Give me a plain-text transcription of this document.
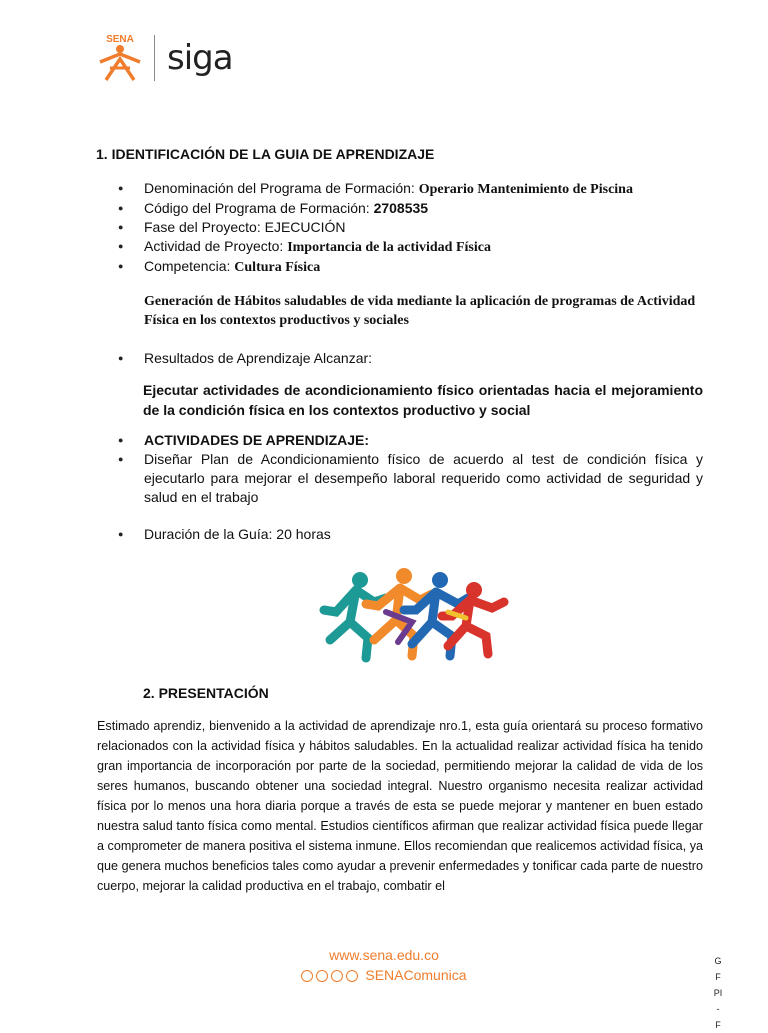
SENA siga
1. IDENTIFICACIÓN DE LA GUIA DE APRENDIZAJE
● Denominación del Programa de Formación: Operario Mantenimiento de Piscina
● Código del Programa de Formación: 2708535
● Fase del Proyecto: EJECUCIÓN
● Actividad de Proyecto: Importancia de la actividad Física
● Competencia: Cultura Física
Generación de Hábitos saludables de vida mediante la aplicación de programas de Actividad Física en los contextos productivos y sociales
● Resultados de Aprendizaje Alcanzar:
Ejecutar actividades de acondicionamiento físico orientadas hacia el mejoramiento de la condición física en los contextos productivo y social
● ACTIVIDADES DE APRENDIZAJE:
● Diseñar Plan de Acondicionamiento físico de acuerdo al test de condición física y ejecutarlo para mejorar el desempeño laboral requerido como actividad de seguridad y salud en el trabajo
● Duración de la Guía: 20 horas
2. PRESENTACIÓN
Estimado aprendiz, bienvenido a la actividad de aprendizaje nro.1, esta guía orientará su proceso formativo relacionados con la actividad física y hábitos saludables. En la actualidad realizar actividad física ha tenido gran importancia de incorporación por parte de la sociedad, permitiendo mejorar la calidad de vida de los seres humanos, buscando obtener una sociedad integral. Nuestro organismo necesita realizar actividad física por lo menos una hora diaria porque a través de esta se puede mejorar y mantener en buen estado nuestra salud tanto física como mental. Estudios científicos afirman que realizar actividad física puede llegar a comprometer de manera positiva el sistema inmune. Ellos recomiendan que realicemos actividad física, ya que genera muchos beneficios tales como ayudar a prevenir enfermedades y tonificar cada parte de nuestro cuerpo, mejorar la calidad productiva en el trabajo, combatir el
www.sena.edu.co
SENAComunica
G
F
PI
-
F
